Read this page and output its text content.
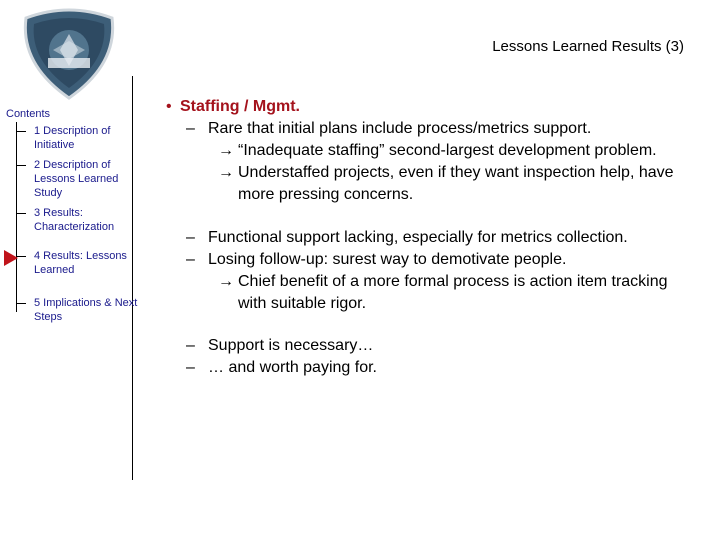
Lessons Learned Results (3)
Contents
1 Description of Initiative
2 Description of Lessons Learned Study
3 Results: Characterization
4 Results: Lessons Learned
5 Implications & Next Steps
• Staffing / Mgmt.
– Rare that initial plans include process/metrics support.
→ “Inadequate staffing” second-largest development problem.
→ Understaffed projects, even if they want inspection help, have more pressing concerns.
– Functional support lacking, especially for metrics collection.
– Losing follow-up: surest way to demotivate people.
→ Chief benefit of a more formal process is action item tracking with suitable rigor.
– Support is necessary…
– … and worth paying for.
